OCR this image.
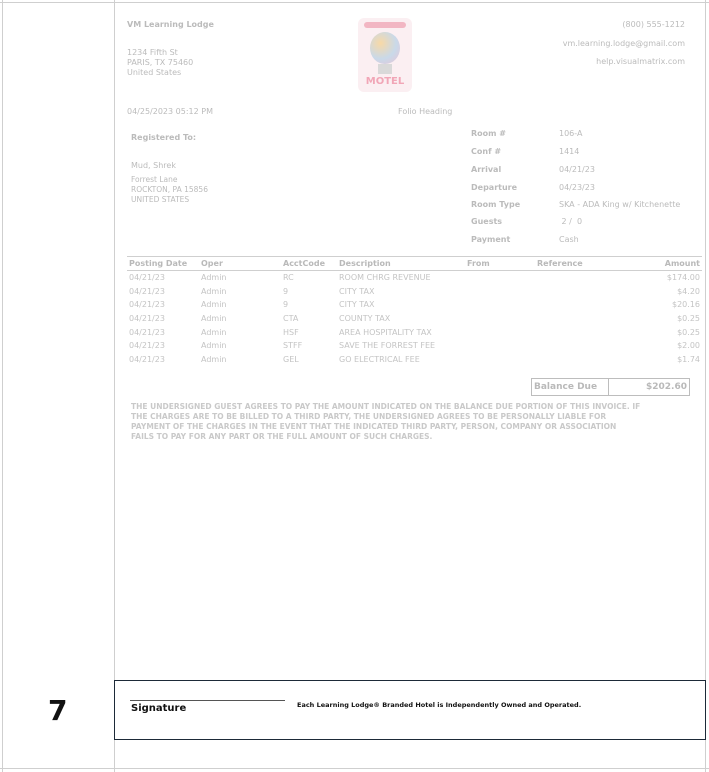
7
VM Learning Lodge
1234 Fifth St
PARIS, TX 75460
United States
MOTEL
(800) 555-1212
vm.learning.lodge@gmail.com
help.visualmatrix.com
04/25/2023 05:12 PM	Folio Heading
Registered To:
Mud, Shrek
Forrest Lane
ROCKTON, PA 15856
UNITED STATES
Room #	106-A
Conf #	1414
Arrival	04/21/23
Departure	04/23/23
Room Type	SKA - ADA King w/ Kitchenette
Guests	2 /  0
Payment	Cash
Posting Date	Oper	AcctCode	Description	From	Reference	Amount
04/21/23	Admin	RC	ROOM CHRG REVENUE			$174.00
04/21/23	Admin	9	CITY TAX			$4.20
04/21/23	Admin	9	CITY TAX			$20.16
04/21/23	Admin	CTA	COUNTY TAX			$0.25
04/21/23	Admin	HSF	AREA HOSPITALITY TAX			$0.25
04/21/23	Admin	STFF	SAVE THE FORREST FEE			$2.00
04/21/23	Admin	GEL	GO ELECTRICAL FEE			$1.74
Balance Due	$202.60
THE UNDERSIGNED GUEST AGREES TO PAY THE AMOUNT INDICATED ON THE BALANCE DUE PORTION OF THIS INVOICE. IF THE CHARGES ARE TO BE BILLED TO A THIRD PARTY, THE UNDERSIGNED AGREES TO BE PERSONALLY LIABLE FOR PAYMENT OF THE CHARGES IN THE EVENT THAT THE INDICATED THIRD PARTY, PERSON, COMPANY OR ASSOCIATION FAILS TO PAY FOR ANY PART OR THE FULL AMOUNT OF SUCH CHARGES.
Signature	Each Learning Lodge® Branded Hotel is Independently Owned and Operated.
